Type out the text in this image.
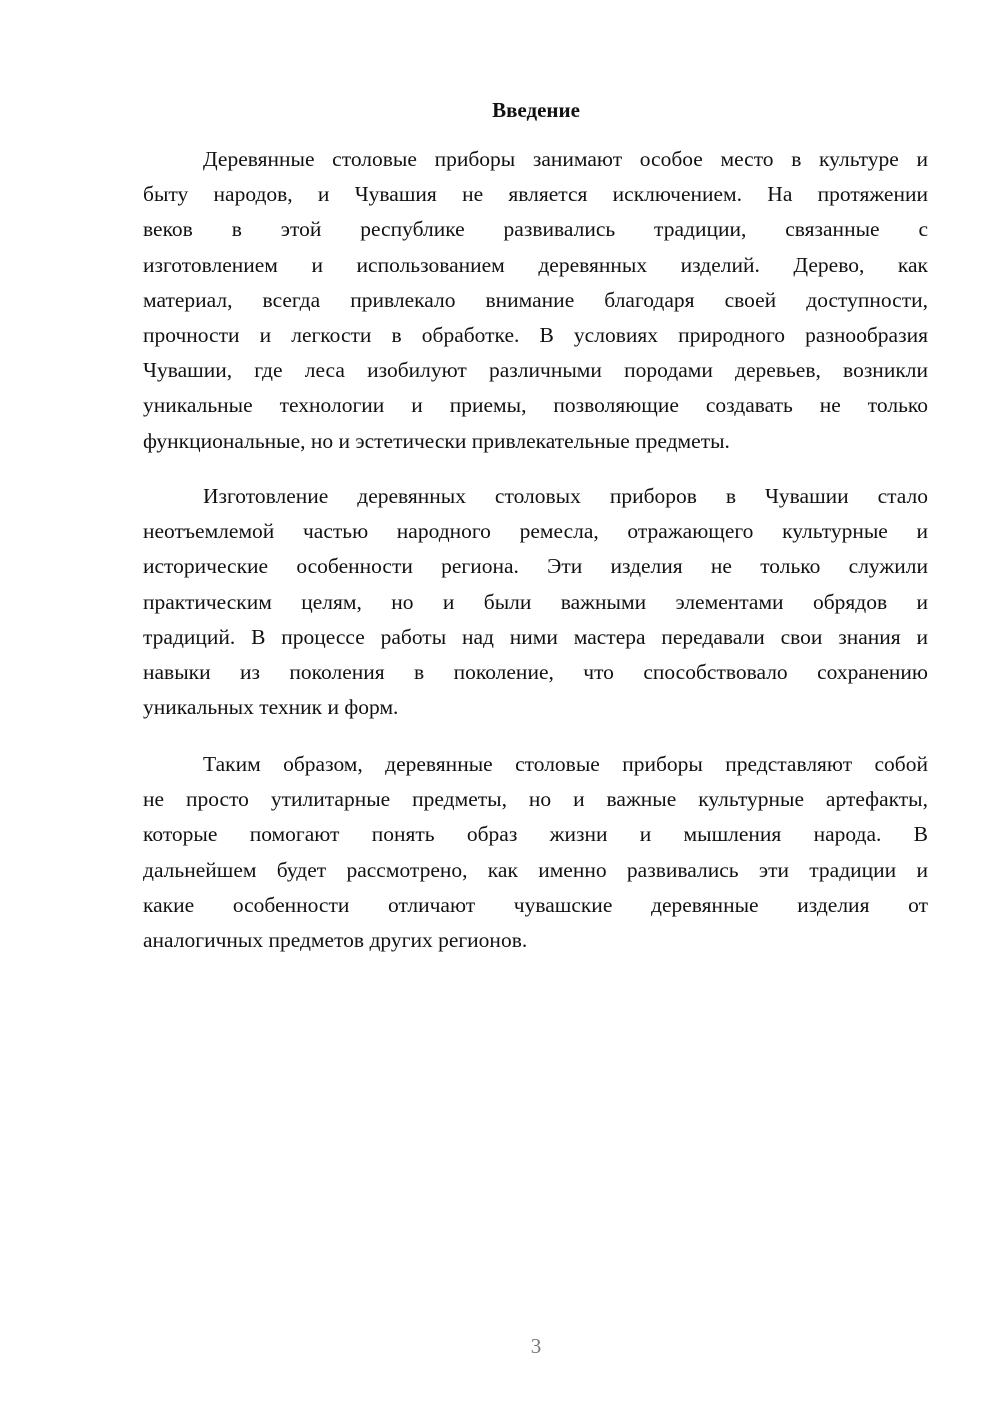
Введение
Деревянные столовые приборы занимают особое место в культуре и
быту народов, и Чувашия не является исключением. На протяжении
веков в этой республике развивались традиции, связанные с
изготовлением и использованием деревянных изделий. Дерево, как
материал, всегда привлекало внимание благодаря своей доступности,
прочности и легкости в обработке. В условиях природного разнообразия
Чувашии, где леса изобилуют различными породами деревьев, возникли
уникальные технологии и приемы, позволяющие создавать не только
функциональные, но и эстетически привлекательные предметы.
Изготовление деревянных столовых приборов в Чувашии стало
неотъемлемой частью народного ремесла, отражающего культурные и
исторические особенности региона. Эти изделия не только служили
практическим целям, но и были важными элементами обрядов и
традиций. В процессе работы над ними мастера передавали свои знания и
навыки из поколения в поколение, что способствовало сохранению
уникальных техник и форм.
Таким образом, деревянные столовые приборы представляют собой
не просто утилитарные предметы, но и важные культурные артефакты,
которые помогают понять образ жизни и мышления народа. В
дальнейшем будет рассмотрено, как именно развивались эти традиции и
какие особенности отличают чувашские деревянные изделия от
аналогичных предметов других регионов.
3
